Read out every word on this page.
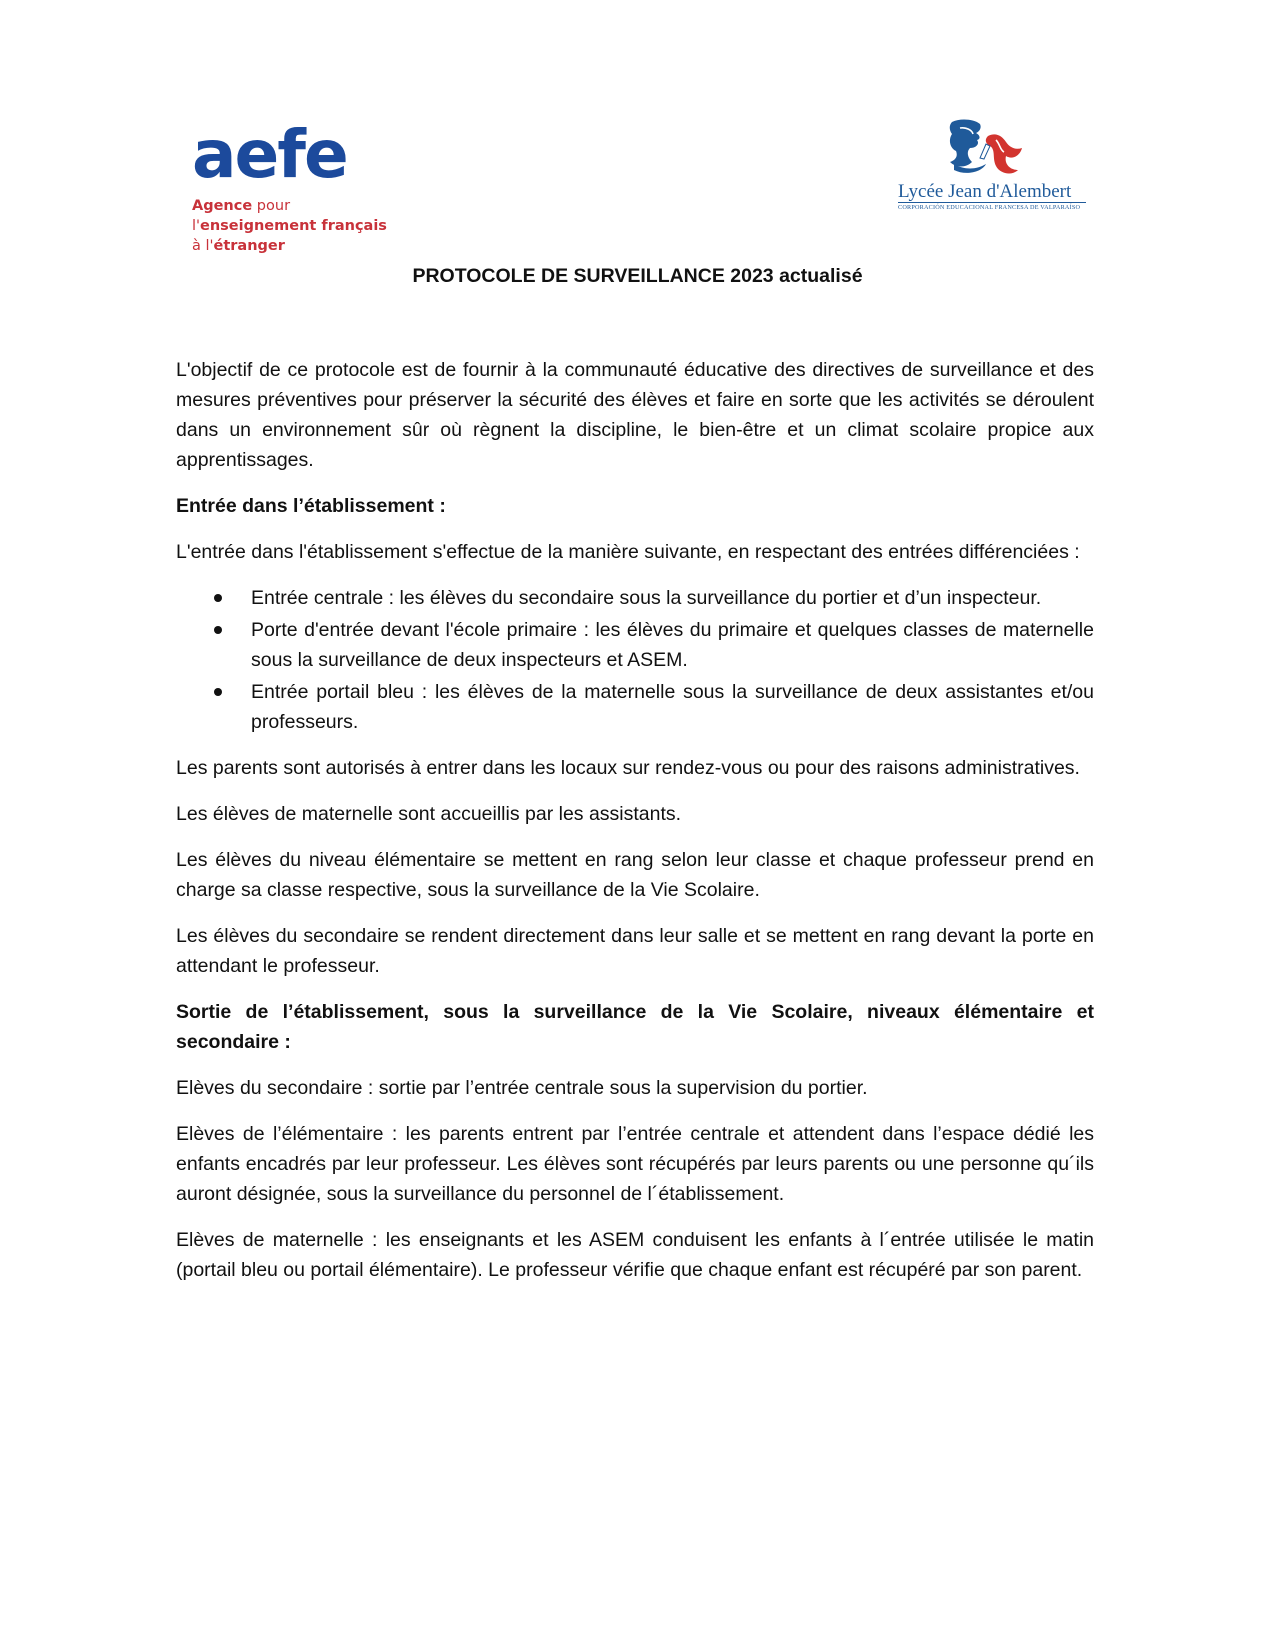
aefe
Agence pour
l'enseignement français
à l'étranger
Lycée Jean d'Alembert
CORPORACIÓN EDUCACIONAL FRANCESA DE VALPARAÍSO
PROTOCOLE DE SURVEILLANCE 2023 actualisé

L'objectif de ce protocole est de fournir à la communauté éducative des directives de surveillance et des mesures préventives pour préserver la sécurité des élèves et faire en sorte que les activités se déroulent dans un environnement sûr où règnent la discipline, le bien-être et un climat scolaire propice aux apprentissages.

Entrée dans l’établissement :

L'entrée dans l'établissement s'effectue de la manière suivante, en respectant des entrées différenciées :

Entrée centrale : les élèves du secondaire sous la surveillance du portier et d’un inspecteur.
Porte d'entrée devant l'école primaire : les élèves du primaire et quelques classes de maternelle sous la surveillance de deux inspecteurs et ASEM.
Entrée portail bleu : les élèves de la maternelle sous la surveillance de deux assistantes et/ou professeurs.

Les parents sont autorisés à entrer dans les locaux sur rendez-vous ou pour des raisons administratives.

Les élèves de maternelle sont accueillis par les assistants.

Les élèves du niveau élémentaire se mettent en rang selon leur classe et chaque professeur prend en charge sa classe respective, sous la surveillance de la Vie Scolaire.

Les élèves du secondaire se rendent directement dans leur salle et se mettent en rang devant la porte en attendant le professeur.

Sortie de l’établissement, sous la surveillance de la Vie Scolaire, niveaux élémentaire et secondaire :

Elèves du secondaire : sortie par l’entrée centrale sous la supervision du portier.

Elèves de l’élémentaire : les parents entrent par l’entrée centrale et attendent dans l’espace dédié les enfants encadrés par leur professeur. Les élèves sont récupérés par leurs parents ou une personne qu´ils auront désignée, sous la surveillance du personnel de l´établissement.

Elèves de maternelle : les enseignants et les ASEM conduisent les enfants à l´entrée utilisée le matin (portail bleu ou portail élémentaire). Le professeur vérifie que chaque enfant est récupéré par son parent.
